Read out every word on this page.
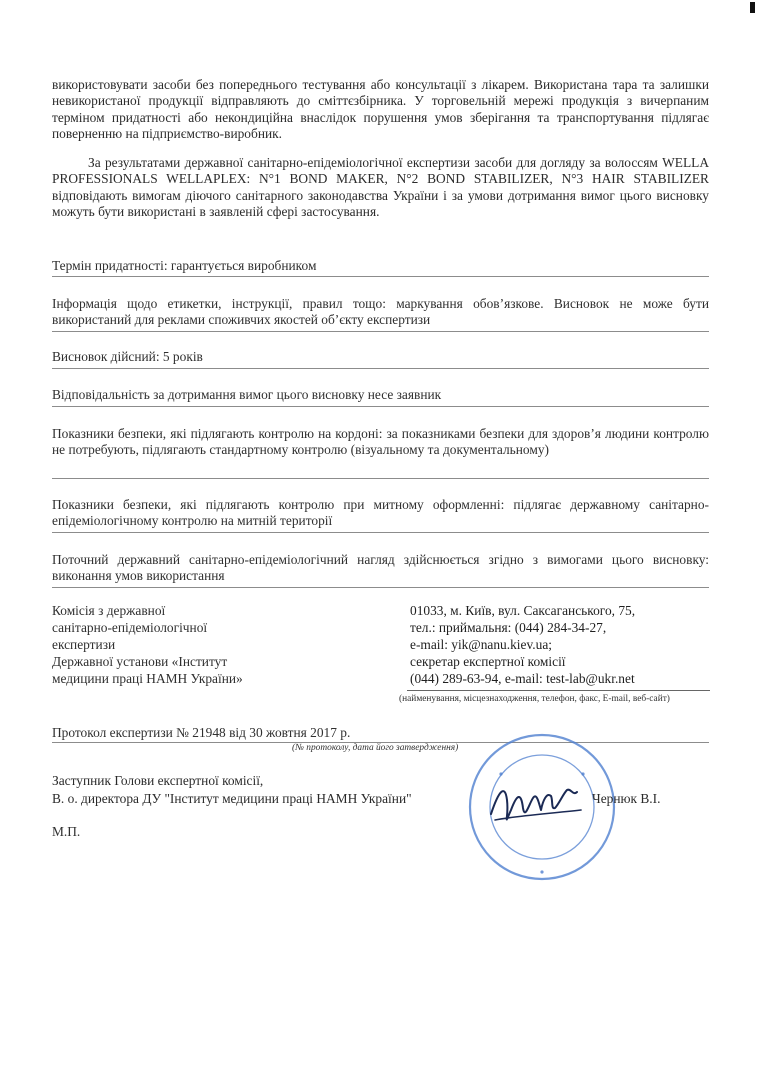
використовувати засоби без попереднього тестування або консультації з лікарем. Використана тара та залишки невикористаної продукції відправляють до сміттєзбірника. У торговельній мережі продукція з вичерпаним терміном придатності або некондиційна внаслідок порушення умов зберігання та транспортування підлягає поверненню на підприємство-виробник.
За результатами державної санітарно-епідеміологічної експертизи засоби для догляду за волоссям WELLA PROFESSIONALS WELLAPLEX: N°1 BOND MAKER, N°2 BOND STABILIZER, N°3 HAIR STABILIZER відповідають вимогам діючого санітарного законодавства України і за умови дотримання вимог цього висновку можуть бути використані в заявленій сфері застосування.
Термін придатності: гарантується виробником
Інформація щодо етикетки, інструкції, правил тощо: маркування обов’язкове. Висновок не може бути використаний для реклами споживчих якостей об’єкту експертизи
Висновок дійсний: 5 років
Відповідальність за дотримання вимог цього висновку несе заявник
Показники безпеки, які підлягають контролю на кордоні: за показниками безпеки для здоров’я людини контролю не потребують, підлягають стандартному контролю (візуальному та документальному)
Показники безпеки, які підлягають контролю при митному оформленні: підлягає державному санітарно-епідеміологічному контролю на митній території
Поточний державний санітарно-епідеміологічний нагляд здійснюється згідно з вимогами цього висновку: виконання умов використання
Комісія з державної
санітарно-епідеміологічної
експертизи
Державної установи «Інститут
медицини праці НАМН України»
01033, м. Київ, вул. Саксаганського, 75,
тел.: приймальня: (044) 284-34-27,
e-mail: yik@nanu.kiev.ua;
секретар експертної комісії
(044) 289-63-94, e-mail: test-lab@ukr.net
(найменування, місцезнаходження, телефон, факс, E-mail, веб-сайт)
Протокол експертизи № 21948 від 30 жовтня 2017 р.
(№ протоколу, дата його затвердження)
Заступник Голови експертної комісії,
В. о. директора ДУ "Інститут медицини праці НАМН України"	Чернюк В.І.
М.П.
